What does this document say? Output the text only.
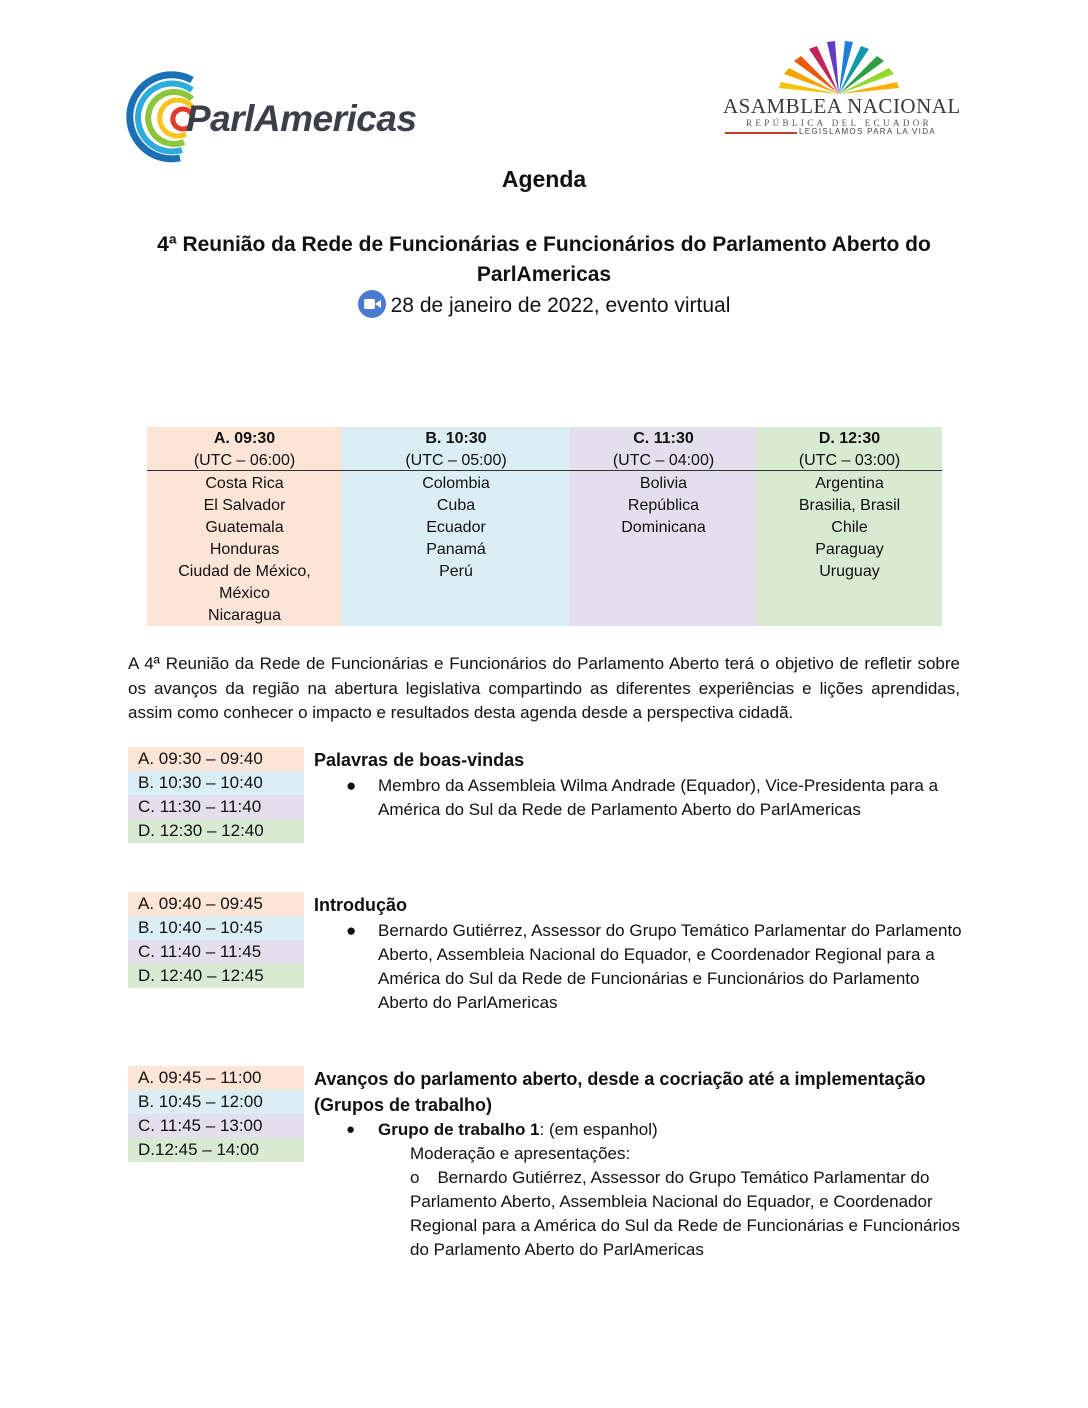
ParlAmericas	ASAMBLEA NACIONAL
REPÚBLICA DEL ECUADOR
LEGISLAMOS PARA LA VIDA
Agenda
4ª Reunião da Rede de Funcionárias e Funcionários do Parlamento Aberto do ParlAmericas
28 de janeiro de 2022, evento virtual
A. 09:30
(UTC – 06:00)
Costa Rica
El Salvador
Guatemala
Honduras
Ciudad de México,
México
Nicaragua
B. 10:30
(UTC – 05:00)
Colombia
Cuba
Ecuador
Panamá
Perú
C. 11:30
(UTC – 04:00)
Bolivia
República
Dominicana
D. 12:30
(UTC – 03:00)
Argentina
Brasilia, Brasil
Chile
Paraguay
Uruguay
A 4ª Reunião da Rede de Funcionárias e Funcionários do Parlamento Aberto terá o objetivo de refletir sobre os avanços da região na abertura legislativa compartindo as diferentes experiências e lições aprendidas, assim como conhecer o impacto e resultados desta agenda desde a perspectiva cidadã.
A. 09:30 – 09:40
B. 10:30 – 10:40
C. 11:30 – 11:40
D. 12:30 – 12:40
Palavras de boas-vindas
● Membro da Assembleia Wilma Andrade (Equador), Vice-Presidenta para a América do Sul da Rede de Parlamento Aberto do ParlAmericas
A. 09:40 – 09:45
B. 10:40 – 10:45
C. 11:40 – 11:45
D. 12:40 – 12:45
Introdução
● Bernardo Gutiérrez, Assessor do Grupo Temático Parlamentar do Parlamento Aberto, Assembleia Nacional do Equador, e Coordenador Regional para a América do Sul da Rede de Funcionárias e Funcionários do Parlamento Aberto do ParlAmericas
A. 09:45 – 11:00
B. 10:45 – 12:00
C. 11:45 – 13:00
D.12:45 – 14:00
Avanços do parlamento aberto, desde a cocriação até a implementação
(Grupos de trabalho)
● Grupo de trabalho 1: (em espanhol)
Moderação e apresentações:
o Bernardo Gutiérrez, Assessor do Grupo Temático Parlamentar do Parlamento Aberto, Assembleia Nacional do Equador, e Coordenador Regional para a América do Sul da Rede de Funcionárias e Funcionários do Parlamento Aberto do ParlAmericas
